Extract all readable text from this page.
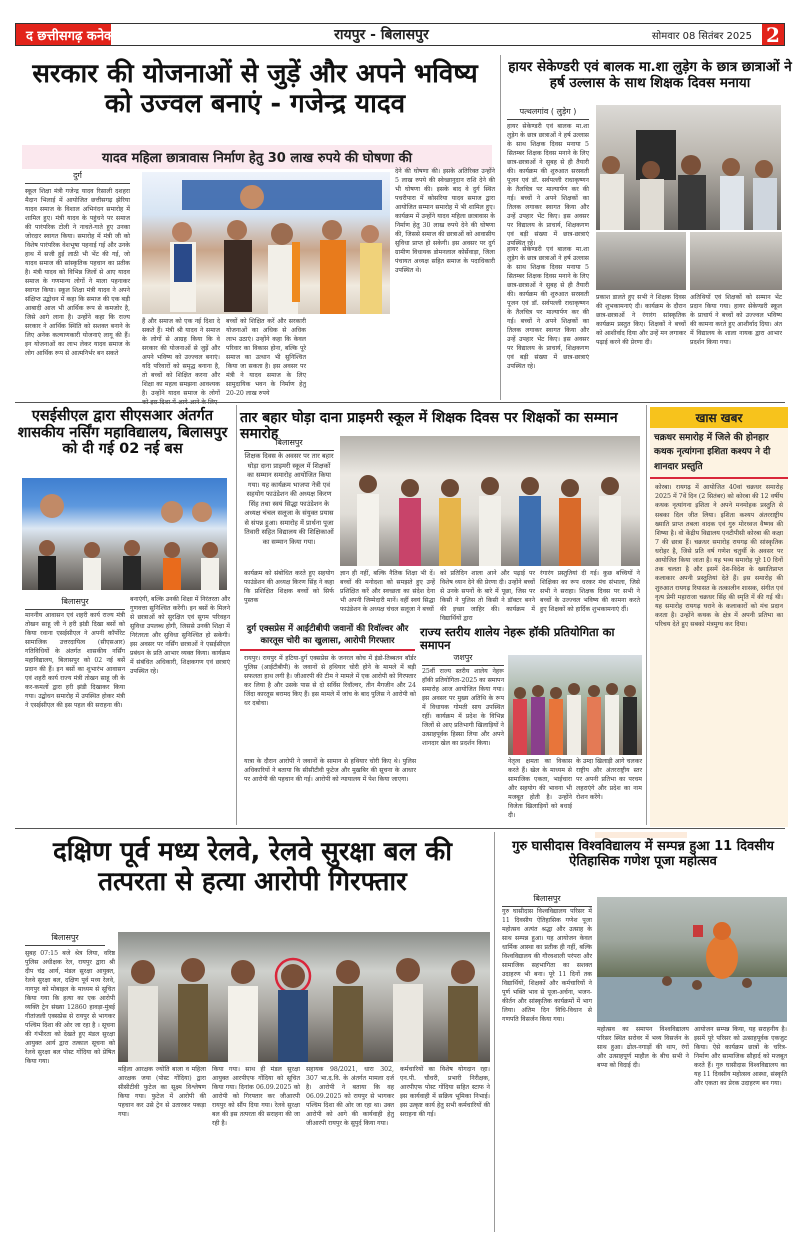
द छत्तीसगढ़ कनेक्ट	रायपुर - बिलासपुर	सोमवार 08 सितंबर 2025 2
सरकार की योजनाओं से जुड़ें और अपने भविष्य को उज्वल बनाएं - गजेन्द्र यादव
यादव महिला छात्रावास निर्माण हेतु 30 लाख रुपये की घोषणा की
दुर्ग
स्कूल शिक्षा मंत्री गजेन्द्र यादव रिसाली दशहरा मैदान भिलाई में आयोजित छत्तीसगढ़ झेरिया यादव समाज के विशाल अभिनंदन समारोह में शामिल हुए। मंत्री यादव के पहुंचने पर समाज की पारंपरिक टोली ने नाचते-गाते हुए उनका जोरदार स्वागत किया। समारोह में मंत्री जी को विशेष पारंपरिक वेशभूषा पहनाई गई और उनके हाथ में सजी हुई लाठी भी भेंट की गई, जो यादव समाज की सांस्कृतिक पहचान का प्रतीक है। मंत्री यादव को विभिन्न जिलों से आए यादव समाज के गणमान्य लोगों ने माला पहनाकर स्वागत किया। स्कूल शिक्षा मंत्री यादव ने अपने संक्षिप्त उद्बोधन में कहा कि समाज की एक बड़ी आबादी आज भी आर्थिक रूप से कमजोर है, जिसे आगे लाना है। उन्होंने कहा कि राज्य सरकार ने आर्थिक स्थिति को सशक्त बनाने के लिए अनेक कल्याणकारी योजनाएं लागू की हैं। इन योजनाओं का लाभ लेकर यादव समाज के लोग आर्थिक रूप से आत्मनिर्भर बन सकते
हैं और समाज को एक नई दिशा दे सकते हैं। मंत्री श्री यादव ने समाज के लोगों से आग्रह किया कि वे सरकार की योजनाओं से जुड़ें और अपने भविष्य को उज्ज्वल बनाएं। यदि परिवारों को समृद्ध बनाना है, तो बच्चों को शिक्षित करना और शिक्षा का महत्व समझना आवश्यक है। उन्होंने यादव समाज के लोगों
बच्चों को शिक्षित करें और सरकारी योजनाओं का अधिक से अधिक लाभ उठाएं। उन्होंने कहा कि केवल परिवार का विकास होना, बल्कि पूरे समाज का उत्थान भी सुनिश्चित किया जा सकता है। इस अवसर पर मंत्री ने यादव समाज के लिए सामुदायिक भवन के निर्माण हेतु 20-20 लाख रुपये
देने की घोषणा की। इसके अतिरिक्त उन्होंने 5 लाख रुपये की स्वेच्छानुदान राशि देने की भी घोषणा की। इसके बाद वे दुर्ग स्थित पचरीपारा में कोसरिया यादव समाज द्वारा आयोजित सम्मान समारोह में भी शामिल हुए। कार्यक्रम में उन्होंने यादव महिला छात्रावास के निर्माण हेतु 30 लाख रुपये देने की घोषणा की, जिससे समाज की छात्राओं को आवासीय सुविधा प्राप्त हो सकेगी। इस अवसर पर दुर्ग ग्रामीण विधायक डोमनलाल कोर्सेवाड़ा, जिला पंचायत अध्यक्ष सहित समाज के पदाधिकारी उपस्थित थे।
हायर सेकेण्डरी एवं बालक मा.शा लुड़ेग के छात्र छात्राओं ने हर्ष उल्लास के साथ शिक्षक दिवस मनाया
पत्थलगांव ( लुड़ेग )
हायर सेकेण्डरी एवं बालक मा.शा लुड़ेग के छात्र छात्राओं ने हर्ष उल्लास के साथ शिक्षक दिवस मनाया 5 सितम्बर शिक्षक दिवस मनाने के लिए छात्र-छात्राओं ने सुबह से ही तैयारी की। कार्यक्रम की शुरुआत सरस्वती पूजन एवं डॉ. सर्वपल्ली राधाकृष्णन के तैलचित्र पर माल्यार्पण कर की गई। बच्चों ने अपने शिक्षकों का तिलक लगाकर स्वागत किया और उन्हें उपहार भेंट किए। इस अवसर पर विद्यालय के प्राचार्य, शिक्षकगण एवं बड़ी संख्या में छात्र-छात्राएं उपस्थित रहे।
हायर सेकेण्डरी एवं बालक मा.शा लुड़ेग के छात्र छात्राओं ने हर्ष उल्लास के साथ शिक्षक दिवस मनाया 5 सितम्बर शिक्षक दिवस मनाने के लिए छात्र-छात्राओं ने सुबह से ही तैयारी की। कार्यक्रम की शुरुआत सरस्वती पूजन एवं डॉ. सर्वपल्ली राधाकृष्णन के तैलचित्र पर माल्यार्पण कर की गई। बच्चों ने अपने शिक्षकों का तिलक लगाकर स्वागत किया और उन्हें उपहार भेंट किए। इस अवसर पर विद्यालय के प्राचार्य, शिक्षकगण एवं बड़ी संख्या में छात्र-छात्राएं उपस्थित रहे।
प्रकाश डालते हुए सभी ने शिक्षक दिवस की शुभकामनाएं दी। कार्यक्रम के दौरान छात्र-छात्राओं ने रंगारंग सांस्कृतिक कार्यक्रम प्रस्तुत किए। शिक्षकों ने बच्चों को आशीर्वाद दिया और उन्हें मन लगाकर पढ़ाई करने की प्रेरणा दी।
अतिथियों एवं शिक्षकों को सम्मान भेंट प्रदान किया गया। हायर सेकेण्डरी स्कूल के प्राचार्य ने बच्चों को उज्ज्वल भविष्य की कामना करते हुए आशीर्वाद दिया। अंत में विद्यालय के शाला नायक द्वारा आभार प्रदर्शन किया गया।
एसईसीएल द्वारा सीएसआर अंतर्गत शासकीय नर्सिंग महाविद्यालय, बिलासपुर को दी गई 02 नई बस
बिलासपुर
माननीय आवासन एवं शहरी कार्य राज्य मंत्री तोखन साहू जी ने हरी झंडी दिखा बसों को किया रवाना एसईसीएल ने अपनी कॉर्पोरेट सामाजिक उत्तरदायित्व (सीएसआर) गतिविधियों के अंतर्गत शासकीय नर्सिंग महाविद्यालय, बिलासपुर को 02 नई बसें प्रदान की हैं। इन बसों का शुभारंभ आवासन एवं शहरी कार्य राज्य मंत्री तोखन साहू जी के कर-कमलों द्वारा हरी झंडी दिखाकर किया गया। उद्बोधन समारोह में उपस्थित होकर मंत्री ने एसईसीएल की इस पहल की सराहना की।
बनाएंगी, बल्कि उनकी शिक्षा में निरंतरता और गुणवत्ता सुनिश्चित करेंगी। इन बसों के मिलने से छात्राओं को सुरक्षित एवं सुगम परिवहन सुविधा उपलब्ध होगी, जिससे उनकी शिक्षा में निरंतरता और सुविधा सुनिश्चित हो सकेगी। इस अवसर पर नर्सिंग छात्राओं ने एसईसीएल प्रबंधन के प्रति आभार व्यक्त किया। कार्यक्रम में संबंधित अधिकारी, शिक्षकगण एवं छात्राएं उपस्थित रहे।
तार बहार घोड़ा दाना प्राइमरी स्कूल में शिक्षक दिवस पर शिक्षकों का सम्मान समारोह
बिलासपुर
शिक्षक दिवस के अवसर पर तार बहार घोड़ा दाना प्राइमरी स्कूल में शिक्षकों का सम्मान समारोह आयोजित किया गया। यह कार्यक्रम भाजपा नेत्री एवं सहयोग फाउंडेशन की अध्यक्ष किरण सिंह तथा स्वयं सिद्धा फाउंडेशन के अध्यक्ष चंचल सलूजा के संयुक्त प्रयास से संपन्न हुआ। समारोह में प्रार्थना पूजा तिवारी सहित विद्यालय की शिक्षिकाओं का सम्मान किया गया।
कार्यक्रम को संबोधित करते हुए सहयोग फाउंडेशन की अध्यक्ष किरण सिंह ने कहा कि प्रशिक्षित शिक्षक बच्चों को सिर्फ पुस्तक
ज्ञान ही नहीं, बल्कि नैतिक शिक्षा भी दें। बच्चों की मनोदशा को समझते हुए उन्हें प्रशिक्षित करें और स्वच्छता का संदेश देना भी अपनी जिम्मेदारी मानें। वहीं स्वयं सिद्धा फाउंडेशन के अध्यक्ष चंचल सलूजा ने बच्चों
को प्रतिदिन शाला आने और पढ़ाई पर विशेष ध्यान देने की प्रेरणा दी। उन्होंने बच्चों से उनके सपनों के बारे में पूछा, जिस पर किसी ने पुलिस तो किसी ने डॉक्टर बनने की इच्छा जाहिर की। कार्यक्रम में विद्यार्थियों द्वारा
रंगारंग प्रस्तुतियां दी गई। कुछ बच्चियों ने शिक्षिका का रूप धरकर मंच संभाला, जिसे सभी ने सराहा। शिक्षक दिवस पर सभी ने बच्चों के उज्ज्वल भविष्य की कामना करते हुए शिक्षकों को हार्दिक शुभकामनाएं दीं।
दुर्ग एक्सप्रेस में आईटीबीपी जवानों की रिवॉल्वर और कारतूस चोरी का खुलासा, आरोपी गिरफ्तार
रायपुर। रायपुर में हटिया-दुर्ग एक्सप्रेस के जनरल कोच में इंडो-तिब्बतन बॉर्डर पुलिस (आईटीबीपी) के जवानों से हथियार चोरी होने के मामले में बड़ी सफलता हाथ लगी है। जीआरपी की टीम ने मामले में एक आरोपी को गिरफ्तार कर लिया है और उसके पास से दो सर्विस रिवॉल्वर, तीन मैगजीन और 24 जिंदा कारतूस बरामद किए हैं। इस मामले में जांच के बाद पुलिस ने आरोपी को धर दबोचा।
यात्रा के दौरान आरोपी ने जवानों के सामान से हथियार चोरी किए थे। पुलिस अधिकारियों ने बताया कि सीसीटीवी फुटेज और मुखबिर की सूचना के आधार पर आरोपी की पहचान की गई। आरोपी को न्यायालय में पेश किया जाएगा।
राज्य स्तरीय शालेय नेहरू हॉकी प्रतियोगिता का समापन
जशपुर
25वीं राज्य स्तरीय शालेय नेहरू हॉकी प्रतियोगिता-2025 का समापन समारोह आज आयोजित किया गया। इस अवसर पर मुख्य अतिथि के रूप में विधायक गोमती साय उपस्थित रहीं। कार्यक्रम में प्रदेश के विभिन्न जिलों से आए प्रतिभागी खिलाड़ियों ने उत्साहपूर्वक हिस्सा लिया और अपने शानदार खेल का प्रदर्शन किया।
नेतृत्व क्षमता का विकास करते हैं। खेल के माध्यम से सामाजिक एकता, भाईचारा और सहयोग की भावना भी मजबूत होती है। उन्होंने विजेता खिलाड़ियों को बधाई दी।
के उम्दा खिलाड़ी आगे चलकर राष्ट्रीय और अंतरराष्ट्रीय स्तर पर अपनी प्रतिभा का परचम लहराएंगे और प्रदेश का नाम रोशन करेंगे।
खास खबर
चक्रधर समारोह में जिले की होनहार कथक नृत्यांगना इशिता कश्यप ने दी शानदार प्रस्तुति
कोरबा। रायगढ़ में आयोजित 40वां चक्रधर समारोह 2025 में 7वें दिन (2 सितंबर) को कोरबा की 12 वर्षीय कथक नृत्यांगना इशिता ने अपने मनमोहक प्रस्तुति से सबका दिल जीत लिया। इशिता कश्यप अंतरराष्ट्रीय ख्याति प्राप्त तबला वादक एवं गुरु मोरध्वज वैष्णव की शिष्या है। वो केंद्रीय विद्यालय एनटीपीसी कोरबा की कक्षा 7 की छात्रा हैं। चक्रधर समारोह रायगढ़ की सांस्कृतिक धरोहर है, जिसे प्रति वर्ष गणेश चतुर्थी के अवसर पर आयोजित किया जाता है। यह भव्य समारोह पूरे 10 दिनों तक चलता है और इसमें देश-विदेश के ख्यातिप्राप्त कलाकार अपनी प्रस्तुतियां देते हैं। इस समारोह की शुरुआत रायगढ़ रियासत के तत्कालीन शासक, संगीत एवं नृत्य प्रेमी महाराजा चक्रधर सिंह की स्मृति में की गई थी। यह समारोह रायगढ़ घराने के कलाकारों को मंच प्रदान करता है। उन्होंने कथक के क्षेत्र में अपनी प्रतिभा का परिचय देते हुए सबको मंत्रमुग्ध कर दिया।
दक्षिण पूर्व मध्य रेलवे, रेलवे सुरक्षा बल की तत्परता से हत्या आरोपी गिरफ्तार
बिलासपुर
सुबह 07:15 बजे श्रेत्र लिया, वरिष्ठ पुलिस अधीक्षक रेल, रायपुर द्वारा श्री दीप चंद्र आर्य, मंडल सुरक्षा आयुक्त, रेलवे सुरक्षा बल, दक्षिण पूर्व मध्य रेलवे, नागपुर को मोबाइल के माध्यम से सूचित किया गया कि हत्या का एक आरोपी व्यक्ति ट्रेन संख्या 12860 हावड़ा-मुंबई गीतांजली एक्सप्रेस से रायपुर से भागकर पश्चिम दिशा की ओर जा रहा है । सूचना की गंभीरता को देखते हुए मंडल सुरक्षा आयुक्त आर्य द्वारा तत्काल सूचना को रेलवे सुरक्षा बल पोस्ट गोंदिया को प्रेषित किया गया।
महिला आरक्षक ज्योति बाला व महिला आरक्षक जया (पोस्ट गोंदिया) द्वारा सीसीटीवी फुटेज का सूक्ष्म विश्लेषण किया गया। फुटेज में आरोपी की पहचान कर उसे ट्रेन से उतारकर पकड़ा गया।
किया गया। साथ ही मंडल सुरक्षा आयुक्त आरपीएफ गोंदिया को सूचित किया गया। दिनांक 06.09.2025 को आरोपी को गिरफ्तार कर जीआरपी रायपुर को सौंप दिया गया। रेलवे सुरक्षा बल की इस तत्परता की सराहना की जा रही है।
सहायक 98/2021, धारा 302, 307 भा.द.वि. के अंतर्गत मामला दर्ज है। आरोपी ने बताया कि वह 06.09.2025 को रायपुर से भागकर पश्चिम दिशा की ओर जा रहा था। उक्त आरोपी को आगे की कार्यवाही हेतु जीआरपी रायपुर के सुपुर्द किया गया।
कर्मचारियों का विशेष योगदान रहा। एन.पी. चौधरी, प्रभारी निरीक्षक, आरपीएफ पोस्ट गोंदिया सहित स्टाफ ने इस कार्यवाही में सक्रिय भूमिका निभाई। इस उत्कृष्ट कार्य हेतु सभी कर्मचारियों की सराहना की गई।
गुरु घासीदास विश्वविद्यालय में सम्पन्न हुआ 11 दिवसीय ऐतिहासिक गणेश पूजा महोत्सव
बिलासपुर
गुरु घासीदास विश्वविद्यालय परिसर में 11 दिवसीय ऐतिहासिक गणेश पूजा महोत्सव अत्यंत श्रद्धा और उत्साह के साथ सम्पन्न हुआ। यह आयोजन केवल धार्मिक आस्था का प्रतीक ही नहीं, बल्कि विश्वविद्यालय की गौरवशाली परंपरा और सामाजिक सहभागिता का सशक्त उदाहरण भी बना। पूरे 11 दिनों तक विद्यार्थियों, शिक्षकों और कर्मचारियों ने पूर्ण भक्ति भाव से पूजा-अर्चना, भजन-कीर्तन और सांस्कृतिक कार्यक्रमों में भाग लिया। अंतिम दिन विधि-विधान से गणपति विसर्जन किया गया।
महोत्सव का समापन विश्वविद्यालय परिसर स्थित सरोवर में भव्य विसर्जन के साथ हुआ। ढोल-नगाड़ों की थाप, रंगों और उत्साहपूर्ण माहौल के बीच सभी ने बप्पा को विदाई दी।
आयोजन सम्पन्न किया, यह सराहनीय है। इसमें पूरे परिसर को उत्साहपूर्वक एकजुट किया। ऐसे कार्यक्रम छात्रों के चरित्र-निर्माण और सामाजिक सौहार्द को मजबूत करते हैं। गुरु घासीदास विश्वविद्यालय का यह 11 दिवसीय महोत्सव आस्था, संस्कृति और एकता का प्रेरक उदाहरण बन गया।
